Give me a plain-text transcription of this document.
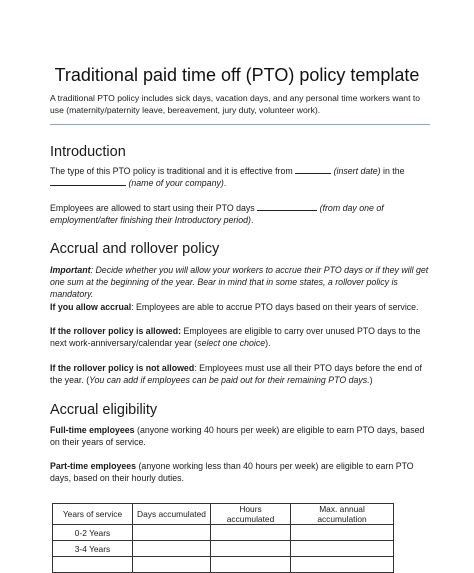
Traditional paid time off (PTO) policy template
A traditional PTO policy includes sick days, vacation days, and any personal time workers want to use (maternity/paternity leave, bereavement, jury duty, volunteer work).
Introduction
The type of this PTO policy is traditional and it is effective from	(insert date) in the
(name of your company).
Employees are allowed to start using their PTO days	(from day one of employment/after finishing their Introductory period).
Accrual and rollover policy
Important: Decide whether you will allow your workers to accrue their PTO days or if they will get one sum at the beginning of the year. Bear in mind that in some states, a rollover policy is mandatory.
If you allow accrual: Employees are able to accrue PTO days based on their years of service.
If the rollover policy is allowed: Employees are eligible to carry over unused PTO days to the next work-anniversary/calendar year (select one choice).
If the rollover policy is not allowed: Employees must use all their PTO days before the end of the year. (You can add if employees can be paid out for their remaining PTO days.)
Accrual eligibility
Full-time employees (anyone working 40 hours per week) are eligible to earn PTO days, based on their years of service.
Part-time employees (anyone working less than 40 hours per week) are eligible to earn PTO days, based on their hourly duties.
Years of service	Days accumulated	Hours accumulated	Max. annual accumulation
0-2 Years			
3-4 Years			
